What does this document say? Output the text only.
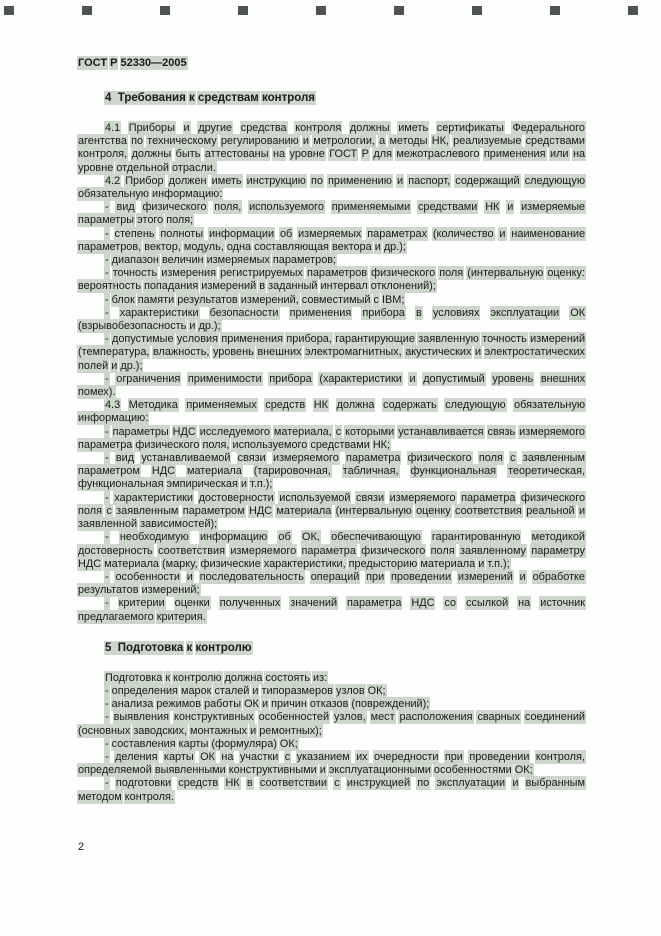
ГОСТ Р 52330—2005
4  Требования к средствам контроля

4.1 Приборы и другие средства контроля должны иметь сертификаты Федерального агентства по техническому регулированию и метрологии, а методы НК, реализуемые средствами контроля, должны быть аттестованы на уровне ГОСТ Р для межотраслевого применения или на уровне отдельной отрасли.

4.2 Прибор должен иметь инструкцию по применению и паспорт, содержащий следующую обязательную информацию:

- вид физического поля, используемого применяемыми средствами НК и измеряемые параметры этого поля;

- степень полноты информации об измеряемых параметрах (количество и наименование параметров, вектор, модуль, одна составляющая вектора и др.);

- диапазон величин измеряемых параметров;

- точность измерения регистрируемых параметров физического поля (интервальную оценку: вероятность попадания измерений в заданный интервал отклонений);

- блок памяти результатов измерений, совместимый с IBM;

- характеристики безопасности применения прибора в условиях эксплуатации ОК (взрывобезопасность и др.);

- допустимые условия применения прибора, гарантирующие заявленную точность измерений (температура, влажность, уровень внешних электромагнитных, акустических и электростатических полей и др.);

- ограничения применимости прибора (характеристики и допустимый уровень внешних помех).

4.3 Методика применяемых средств НК должна содержать следующую обязательную информацию:

- параметры НДС исследуемого материала, с которыми устанавливается связь измеряемого параметра физического поля, используемого средствами НК;

- вид устанавливаемой связи измеряемого параметра физического поля с заявленным параметром НДС материала (тарировочная, табличная, функциональная теоретическая, функциональная эмпирическая и т.п.);

- характеристики достоверности используемой связи измеряемого параметра физического поля с заявленным параметром НДС материала (интервальную оценку соответствия реальной и заявленной зависимостей);

- необходимую информацию об ОК, обеспечивающую гарантированную методикой достоверность соответствия измеряемого параметра физического поля заявленному параметру НДС материала (марку, физические характеристики, предысторию материала и т.п.);

- особенности и последовательность операций при проведении измерений и обработке результатов измерений;

- критерии оценки полученных значений параметра НДС со ссылкой на источник предлагаемого критерия.

5  Подготовка к контролю

Подготовка к контролю должна состоять из:

- определения марок сталей и типоразмеров узлов ОК;

- анализа режимов работы ОК и причин отказов (повреждений);

- выявления конструктивных особенностей узлов, мест расположения сварных соединений (основных заводских, монтажных и ремонтных);

- составления карты (формуляра) ОК;

- деления карты ОК на участки с указанием их очередности при проведении контроля, определяемой выявленными конструктивными и эксплуатационными особенностями ОК;

- подготовки средств НК в соответствии с инструкцией по эксплуатации и выбранным методом контроля.

2
